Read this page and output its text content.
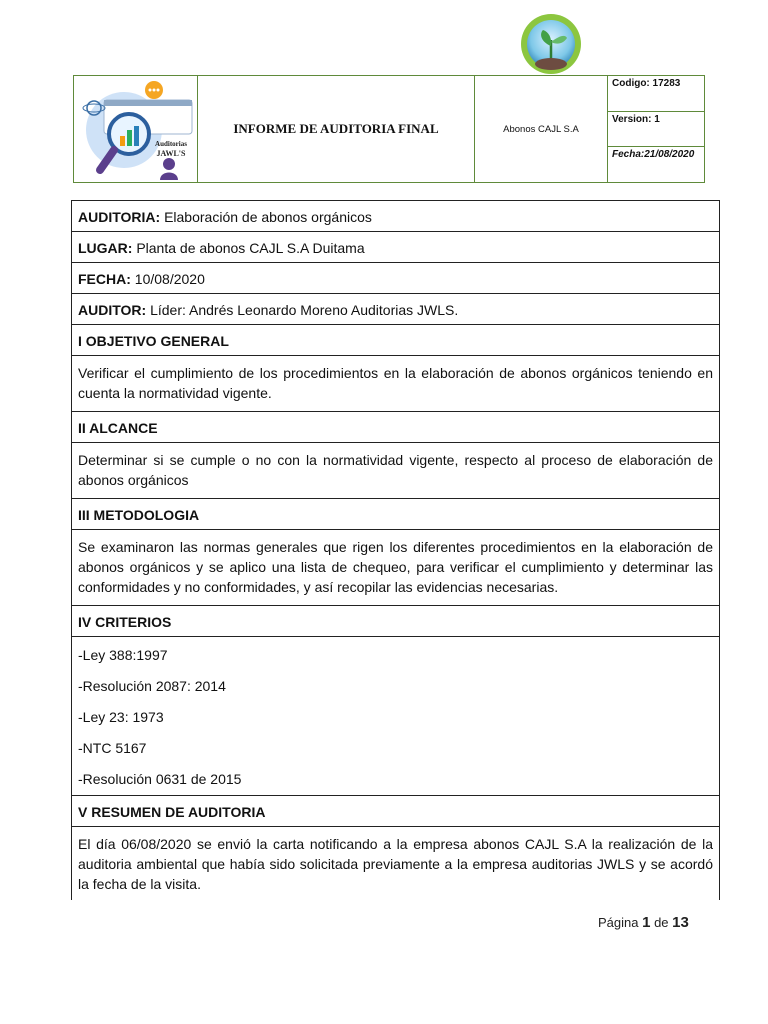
Auditorias
JAWL'S
INFORME DE AUDITORIA FINAL	Abonos CAJL S.A
Codigo: 17283
Version: 1
Fecha:21/08/2020
AUDITORIA: Elaboración de abonos orgánicos
LUGAR: Planta de abonos CAJL S.A Duitama
FECHA: 10/08/2020
AUDITOR: Líder: Andrés Leonardo Moreno Auditorias JWLS.
I OBJETIVO GENERAL
Verificar el cumplimiento de los procedimientos en la elaboración de abonos orgánicos teniendo en cuenta la normatividad vigente.
II ALCANCE
Determinar si se cumple o no con la normatividad vigente, respecto al proceso de elaboración de abonos orgánicos
III METODOLOGIA
Se examinaron las normas generales que rigen los diferentes procedimientos en la elaboración de abonos orgánicos y se aplico una lista de chequeo, para verificar el cumplimiento y determinar las conformidades y no conformidades, y así recopilar las evidencias necesarias.
IV CRITERIOS

-Ley 388:1997
-Resolución 2087: 2014
-Ley 23: 1973
-NTC 5167
-Resolución 0631 de 2015

V RESUMEN DE AUDITORIA

El día 06/08/2020 se envió la carta notificando a la empresa abonos CAJL S.A la realización de la auditoria ambiental que había sido solicitada previamente a la empresa auditorias JWLS y se acordó la fecha de la visita.
Página 1 de 13
